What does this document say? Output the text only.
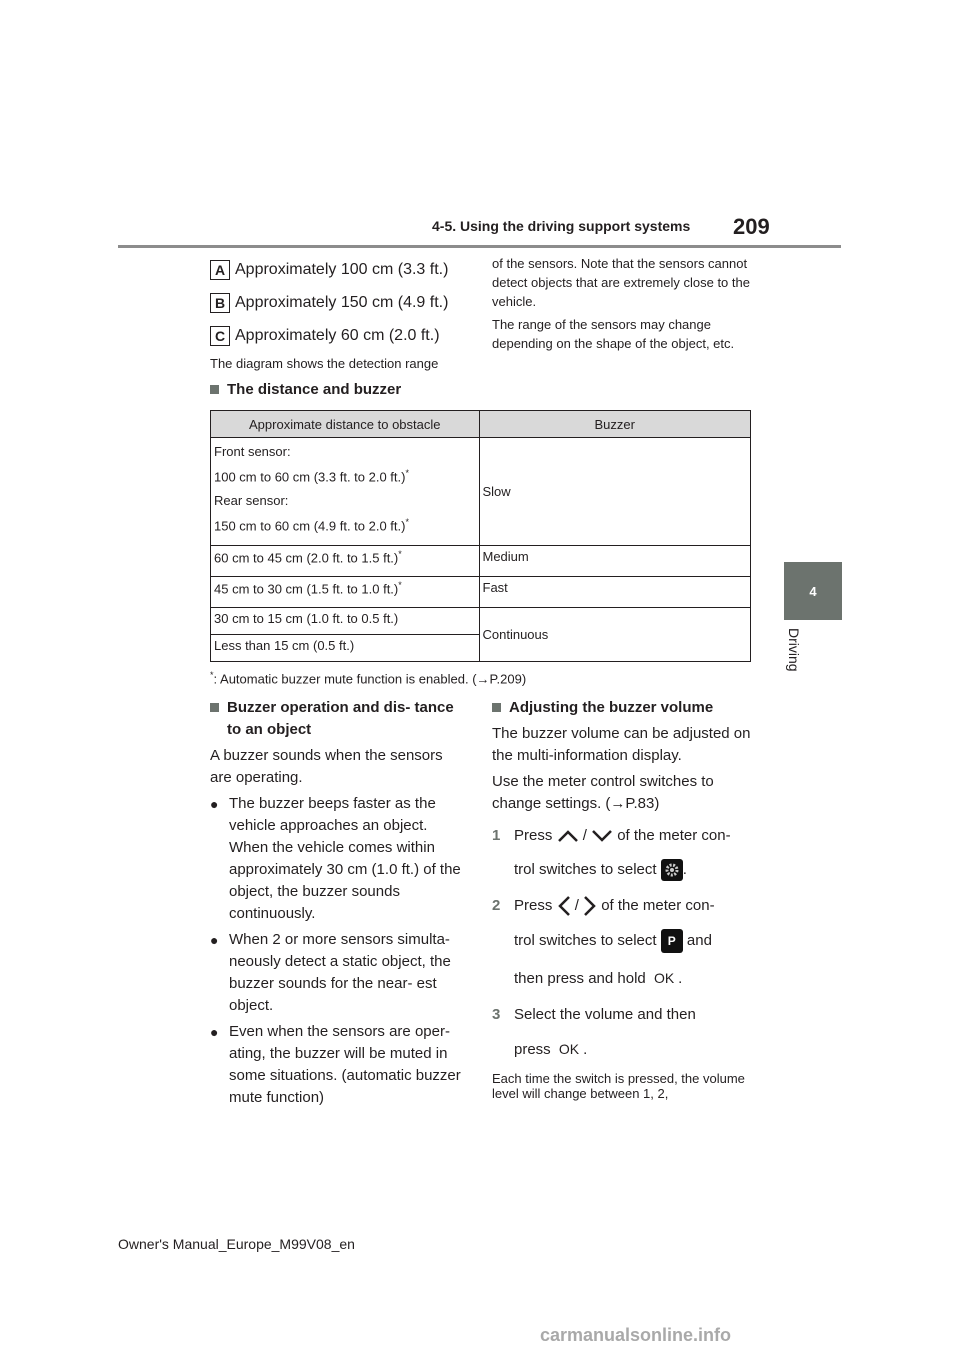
4-5. Using the driving support systems 209
4
Driving
A Approximately 100 cm (3.3 ft.)
B Approximately 150 cm (4.9 ft.)
C Approximately 60 cm (2.0 ft.)
The diagram shows the detection range
of the sensors. Note that the sensors cannot detect objects that are extremely close to the vehicle.
The range of the sensors may change depending on the shape of the object, etc.
The distance and buzzer
Approximate distance to obstacle	Buzzer

Front sensor:
100 cm to 60 cm (3.3 ft. to 2.0 ft.)*
Rear sensor:
150 cm to 60 cm (4.9 ft. to 2.0 ft.)*	Slow
60 cm to 45 cm (2.0 ft. to 1.5 ft.)*	Medium
45 cm to 30 cm (1.5 ft. to 1.0 ft.)*	Fast
30 cm to 15 cm (1.0 ft. to 0.5 ft.)	Continuous
Less than 15 cm (0.5 ft.)	
*: Automatic buzzer mute function is enabled. (→P.209)
Buzzer operation and dis- tance to an object
A buzzer sounds when the sensors are operating.
● The buzzer beeps faster as the vehicle approaches an object. When the vehicle comes within approximately 30 cm (1.0 ft.) of the object, the buzzer sounds continuously.
● When 2 or more sensors simulta- neously detect a static object, the buzzer sounds for the near- est object.
● Even when the sensors are oper- ating, the buzzer will be muted in some situations. (automatic buzzer mute function)
Adjusting the buzzer volume
The buzzer volume can be adjusted on the multi-information display.
Use the meter control switches to change settings. (→P.83)
1 Press / of the meter con-
trol switches to select .
2 Press / of the meter con-
trol switches to select P and
then press and hold OK .
3 Select the volume and then
press OK .
Each time the switch is pressed, the volume level will change between 1, 2,
Owner's Manual_Europe_M99V08_en
carmanualsonline.info
